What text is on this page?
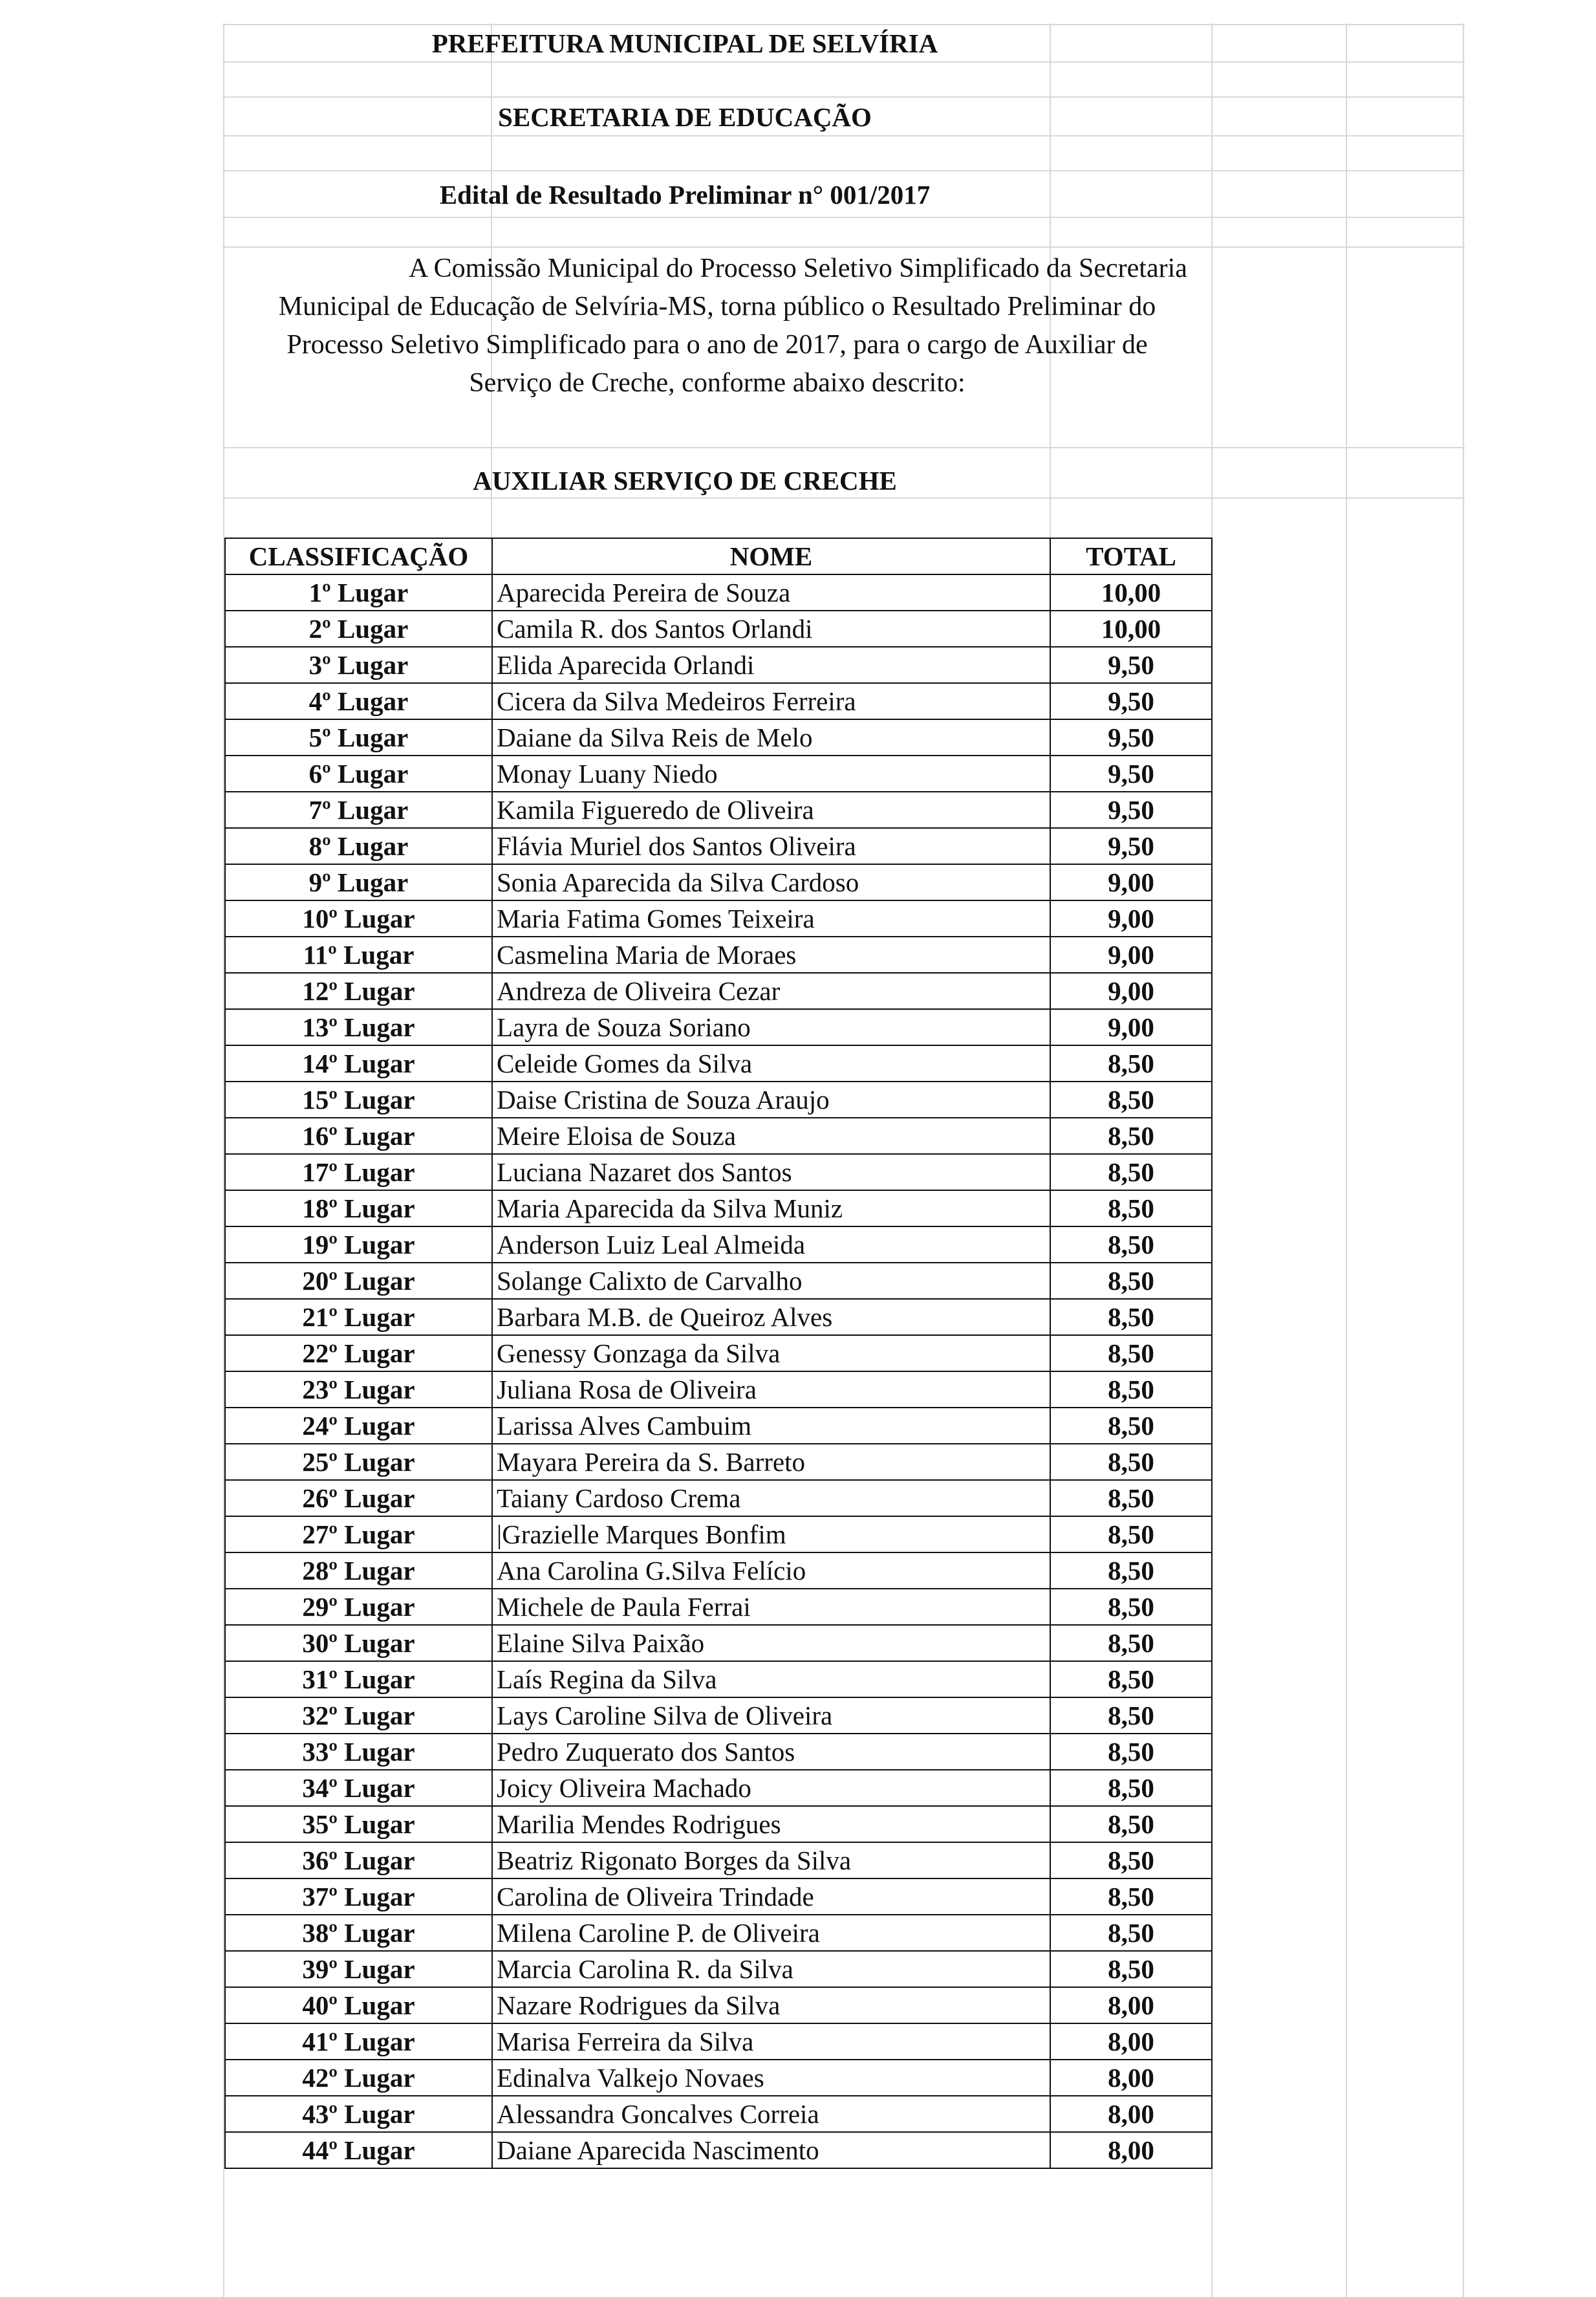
PREFEITURA MUNICIPAL DE SELVÍRIA
SECRETARIA DE EDUCAÇÃO
Edital de Resultado Preliminar n° 001/2017

A Comissão Municipal do Processo Seletivo Simplificado da Secretaria
Municipal de Educação de Selvíria-MS, torna público o Resultado Preliminar do
Processo Seletivo Simplificado para o ano de 2017, para o cargo de Auxiliar de
Serviço de Creche, conforme abaixo descrito:

AUXILIAR SERVIÇO DE CRECHE
CLASSIFICAÇÃO	NOME	TOTAL
1º Lugar	Aparecida Pereira de Souza	10,00
2º Lugar	Camila R. dos Santos Orlandi	10,00
3º Lugar	Elida Aparecida Orlandi	9,50
4º Lugar	Cicera da Silva Medeiros Ferreira	9,50
5º Lugar	Daiane da Silva Reis de Melo	9,50
6º Lugar	Monay Luany Niedo	9,50
7º Lugar	Kamila Figueredo de Oliveira	9,50
8º Lugar	Flávia Muriel dos Santos Oliveira	9,50
9º Lugar	Sonia Aparecida da Silva Cardoso	9,00
10º Lugar	Maria Fatima Gomes Teixeira	9,00
11º Lugar	Casmelina Maria de Moraes	9,00
12º Lugar	Andreza de Oliveira Cezar	9,00
13º Lugar	Layra de Souza Soriano	9,00
14º Lugar	Celeide Gomes da Silva	8,50
15º Lugar	Daise Cristina de Souza Araujo	8,50
16º Lugar	Meire Eloisa de Souza	8,50
17º Lugar	Luciana Nazaret dos Santos	8,50
18º Lugar	Maria Aparecida da Silva Muniz	8,50
19º Lugar	Anderson Luiz Leal Almeida	8,50
20º Lugar	Solange Calixto de Carvalho	8,50
21º Lugar	Barbara M.B. de Queiroz Alves	8,50
22º Lugar	Genessy Gonzaga da Silva	8,50
23º Lugar	Juliana Rosa de Oliveira	8,50
24º Lugar	Larissa Alves Cambuim	8,50
25º Lugar	Mayara Pereira da S. Barreto	8,50
26º Lugar	Taiany Cardoso Crema	8,50
27º Lugar	|Grazielle Marques Bonfim	8,50
28º Lugar	Ana Carolina G.Silva Felício	8,50
29º Lugar	Michele de Paula Ferrai	8,50
30º Lugar	Elaine Silva Paixão	8,50
31º Lugar	Laís Regina da Silva	8,50
32º Lugar	Lays Caroline Silva de Oliveira	8,50
33º Lugar	Pedro Zuquerato dos Santos	8,50
34º Lugar	Joicy Oliveira Machado	8,50
35º Lugar	Marilia Mendes Rodrigues	8,50
36º Lugar	Beatriz Rigonato Borges da Silva	8,50
37º Lugar	Carolina de Oliveira Trindade	8,50
38º Lugar	Milena Caroline P. de Oliveira	8,50
39º Lugar	Marcia Carolina R. da Silva	8,50
40º Lugar	Nazare Rodrigues da Silva	8,00
41º Lugar	Marisa Ferreira da Silva	8,00
42º Lugar	Edinalva Valkejo Novaes	8,00
43º Lugar	Alessandra Goncalves Correia	8,00
44º Lugar	Daiane Aparecida Nascimento	8,00
